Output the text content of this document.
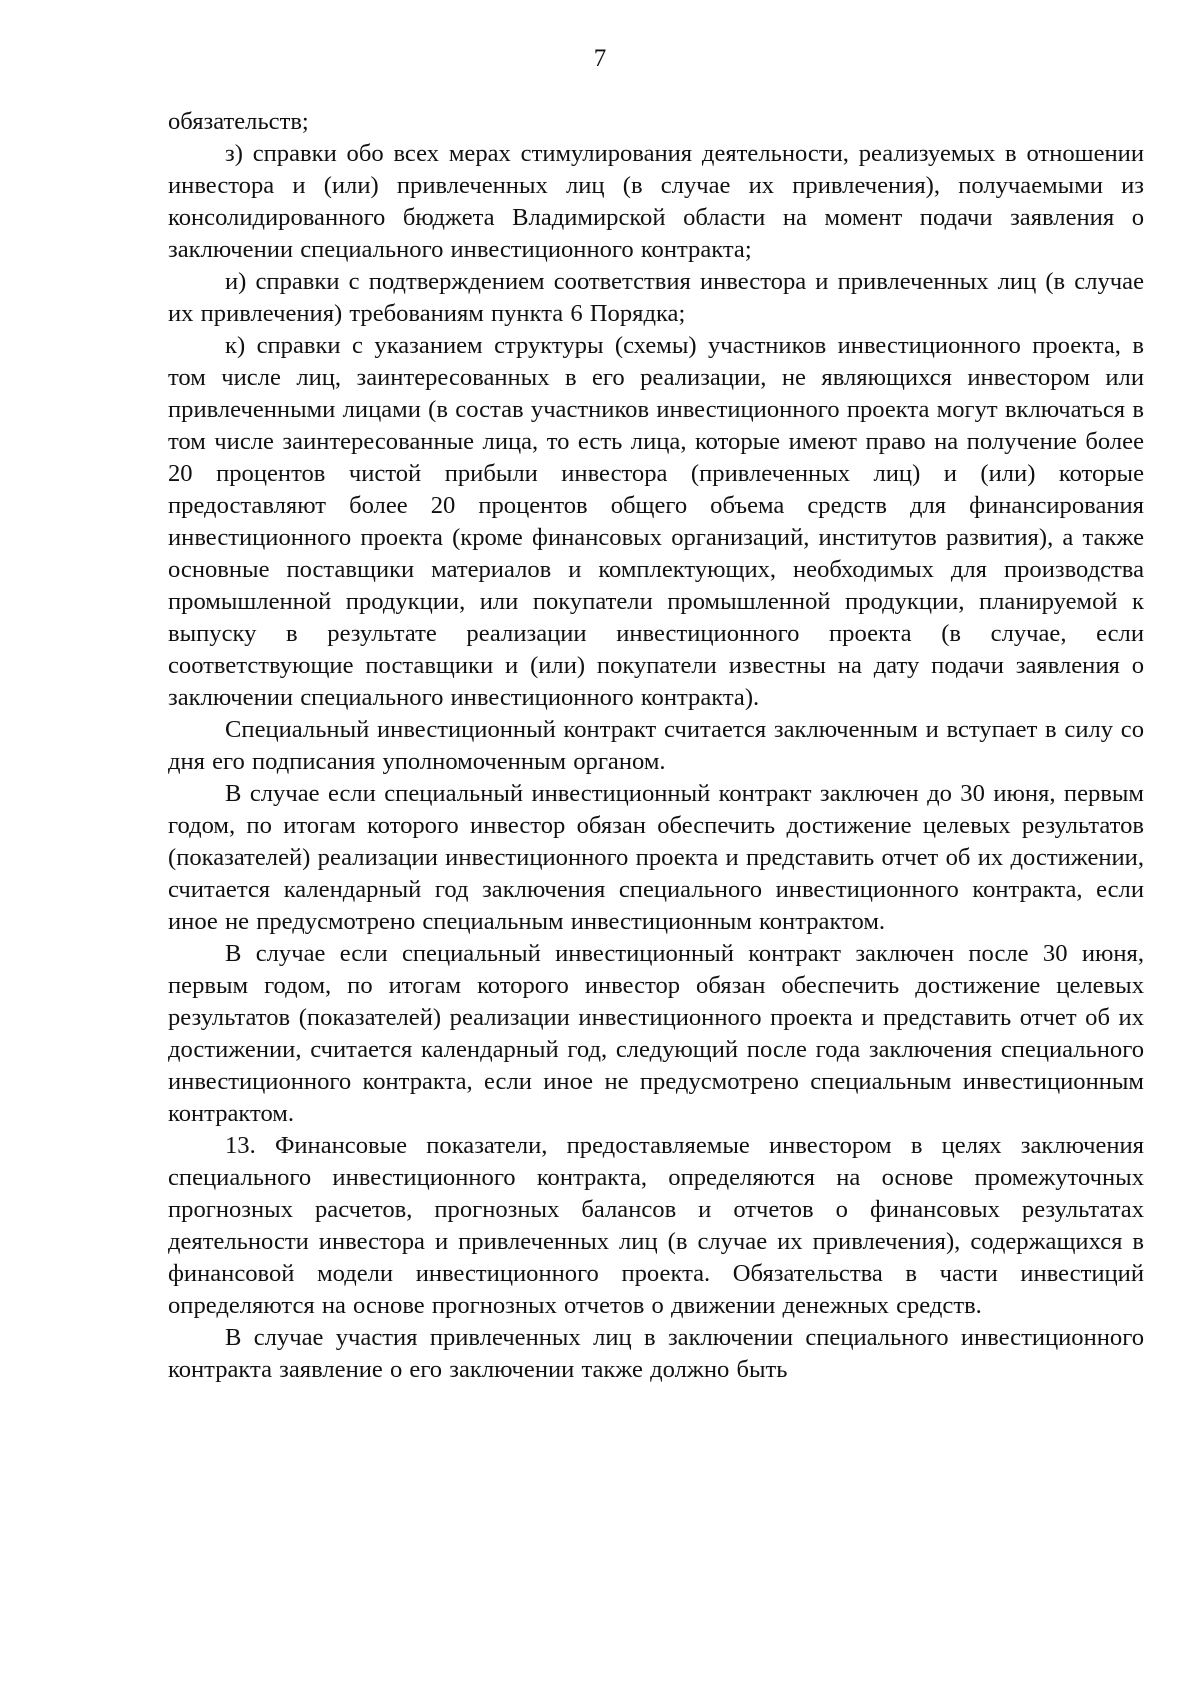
7

обязательств;

з) справки обо всех мерах стимулирования деятельности, реализуемых в отношении инвестора и (или) привлеченных лиц (в случае их привлечения), получаемыми из консолидированного бюджета Владимирской области на момент подачи заявления о заключении специального инвестиционного контракта;

и) справки с подтверждением соответствия инвестора и привлеченных лиц (в случае их привлечения) требованиям пункта 6 Порядка;

к) справки с указанием структуры (схемы) участников инвестиционного проекта, в том числе лиц, заинтересованных в его реализации, не являющихся инвестором или привлеченными лицами (в состав участников инвестиционного проекта могут включаться в том числе заинтересованные лица, то есть лица, которые имеют право на получение более 20 процентов чистой прибыли инвестора (привлеченных лиц) и (или) которые предоставляют более 20 процентов общего объема средств для финансирования инвестиционного проекта (кроме финансовых организаций, институтов развития), а также основные поставщики материалов и комплектующих, необходимых для производства промышленной продукции, или покупатели промышленной продукции, планируемой к выпуску в результате реализации инвестиционного проекта (в случае, если соответствующие поставщики и (или) покупатели известны на дату подачи заявления о заключении специального инвестиционного контракта).

Специальный инвестиционный контракт считается заключенным и вступает в силу со дня его подписания уполномоченным органом.

В случае если специальный инвестиционный контракт заключен до 30 июня, первым годом, по итогам которого инвестор обязан обеспечить достижение целевых результатов (показателей) реализации инвестиционного проекта и представить отчет об их достижении, считается календарный год заключения специального инвестиционного контракта, если иное не предусмотрено специальным инвестиционным контрактом.

В случае если специальный инвестиционный контракт заключен после 30 июня, первым годом, по итогам которого инвестор обязан обеспечить достижение целевых результатов (показателей) реализации инвестиционного проекта и представить отчет об их достижении, считается календарный год, следующий после года заключения специального инвестиционного контракта, если иное не предусмотрено специальным инвестиционным контрактом.

13. Финансовые показатели, предоставляемые инвестором в целях заключения специального инвестиционного контракта, определяются на основе промежуточных прогнозных расчетов, прогнозных балансов и отчетов о финансовых результатах деятельности инвестора и привлеченных лиц (в случае их привлечения), содержащихся в финансовой модели инвестиционного проекта. Обязательства в части инвестиций определяются на основе прогнозных отчетов о движении денежных средств.

В случае участия привлеченных лиц в заключении специального инвестиционного контракта заявление о его заключении также должно быть
